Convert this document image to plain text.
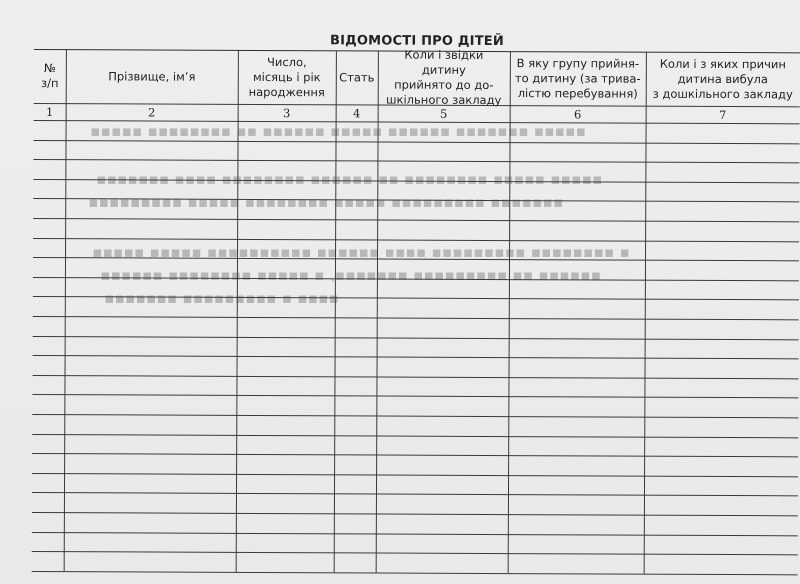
▪▪▪▪▪ ▪▪▪▪▪▪▪ ▪▪▪▪▪▪ ▪▪▪▪▪ ▪▪▪▪▪▪ ▪▪ ▪▪▪▪▪▪▪▪ ▪▪▪▪▪
▪▪▪▪▪ ▪▪▪▪▪ ▪▪▪▪▪▪▪▪ ▪▪ ▪▪▪▪▪▪ ▪▪▪▪▪▪▪▪ ▪▪▪▪ ▪▪▪▪▪▪▪
▪▪▪▪▪▪▪ ▪▪▪▪▪▪▪▪▪ ▪▪▪▪▪ ▪▪▪▪▪▪▪▪ ▪▪▪▪▪ ▪▪▪▪▪▪▪▪▪
▪ ▪▪▪▪▪▪▪▪ ▪▪▪▪▪▪▪▪▪ ▪▪▪▪ ▪▪▪▪▪▪ ▪▪▪▪▪▪▪▪▪▪ ▪▪▪▪▪ ▪▪▪▪▪
▪▪▪▪▪▪ ▪▪ ▪▪▪▪▪▪▪▪▪ ▪▪▪▪▪▪▪, ▪ ▪▪▪▪▪ ▪▪▪▪▪▪▪▪ ▪▪▪▪▪▪
▪▪▪▪ ▪ ▪▪▪▪▪▪▪▪▪ ▪▪▪▪▪▪▪
ВІДОМОСТІ ПРО ДІТЕЙ
№
з/п
1
Прізвище, ім’я
2
Число,
місяць і рік
народження
3
Стать
4
Коли і звідки дитину
прийнято до до-
шкільного закладу
5
В яку групу прийня-
то дитину (за трива-
лістю перебування)
6
Коли і з яких причин
дитина вибула
з дошкільного закладу
7
